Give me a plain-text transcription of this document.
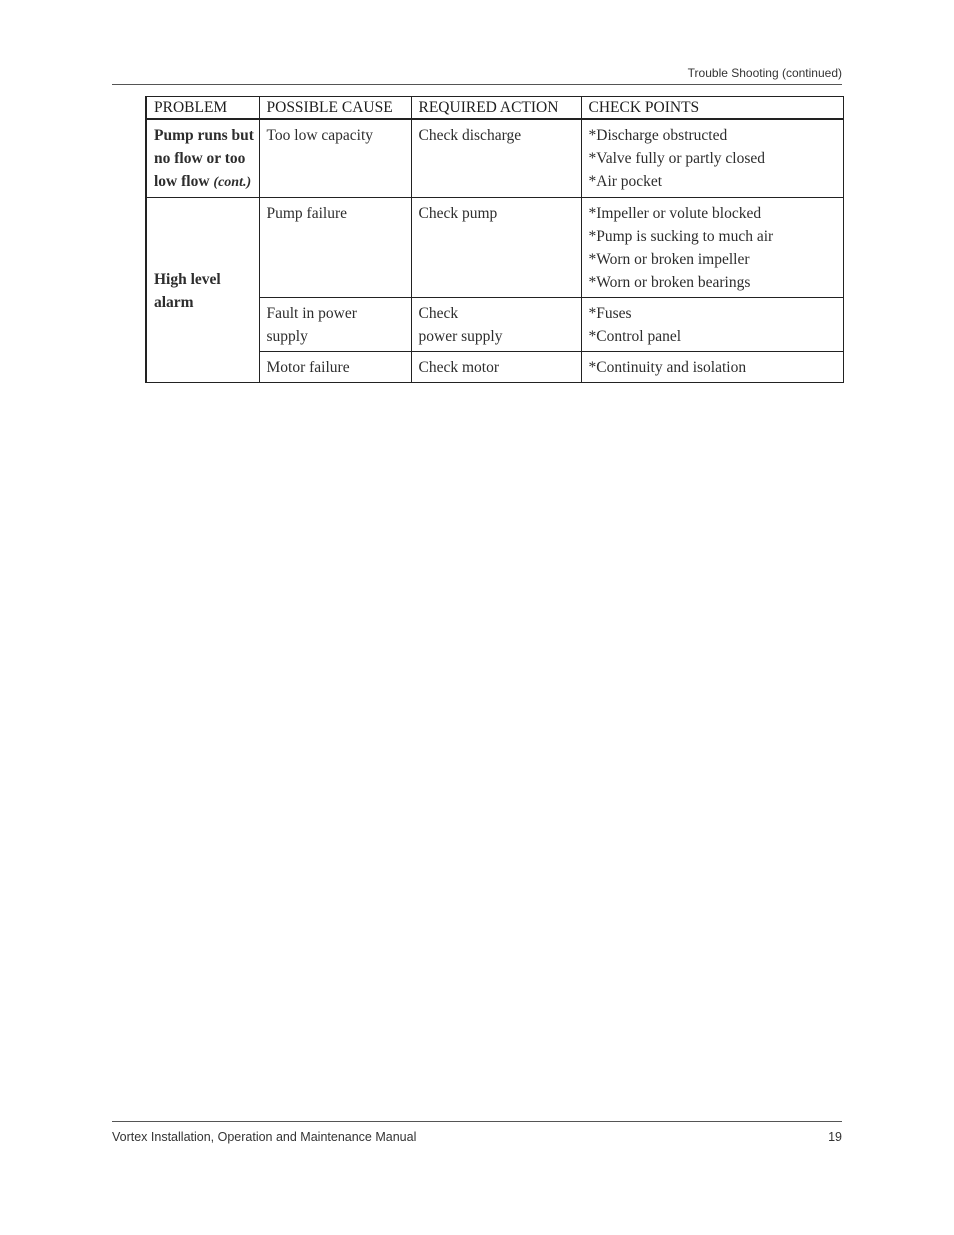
Trouble Shooting (continued)
PROBLEM	POSSIBLE CAUSE	REQUIRED ACTION	CHECK POINTS

Pump runs but
no flow or too
low flow (cont.)	Too low capacity	Check discharge	*Discharge obstructed
*Valve fully or partly closed
*Air pocket

High level
alarm	Pump failure	Check pump	*Impeller or volute blocked
*Pump is sucking to much air
*Worn or broken impeller
*Worn or broken bearings

	Fault in power
supply	Check
power supply	*Fuses
*Control panel

	Motor failure	Check motor	*Continuity and isolation
Vortex Installation, Operation and Maintenance Manual	19
